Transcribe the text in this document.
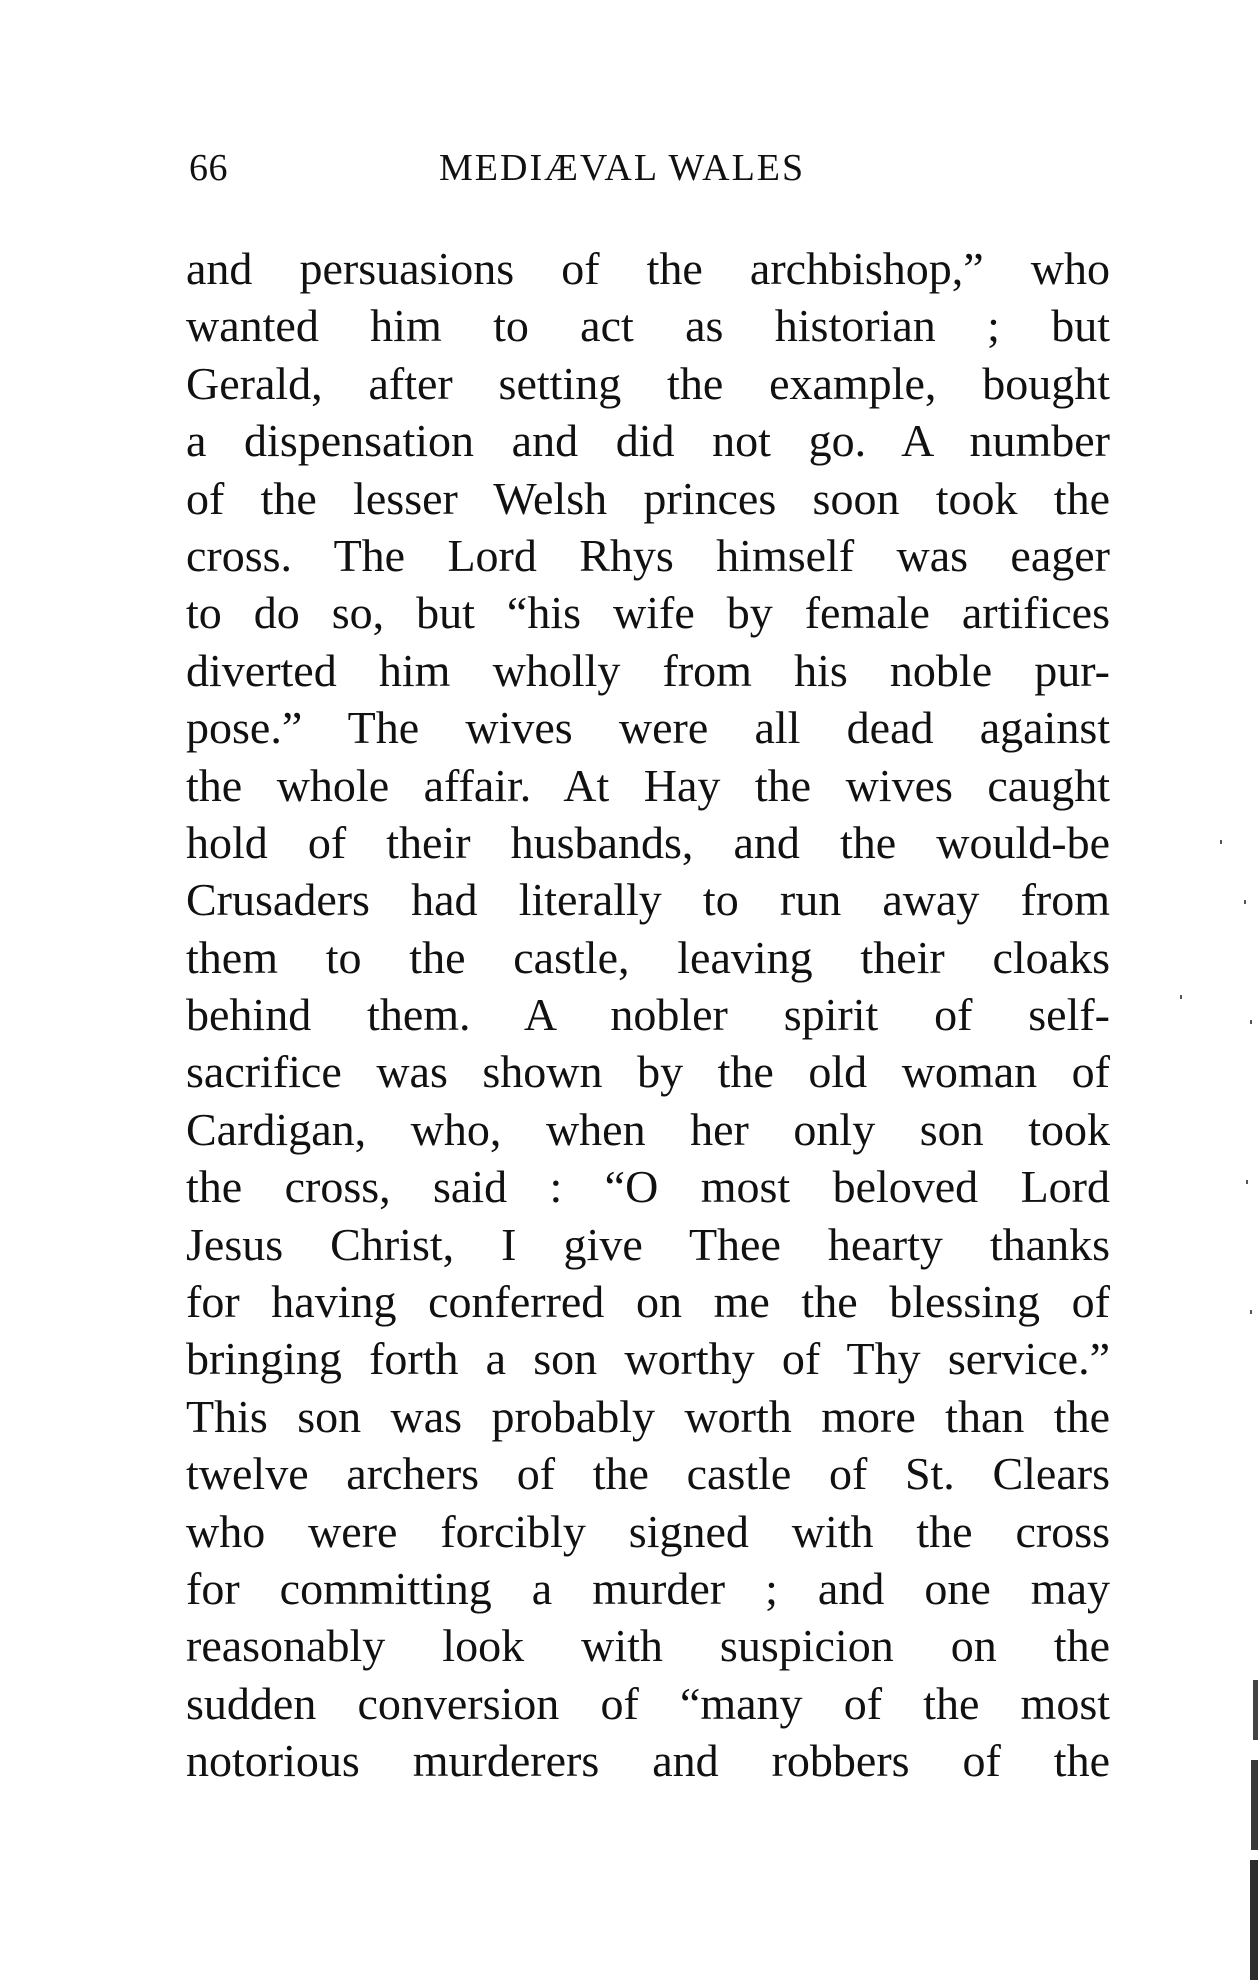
66	MEDIÆVAL WALES
and persuasions of the archbishop,” who
wanted him to act as historian ; but
Gerald, after setting the example, bought
a dispensation and did not go. A number
of the lesser Welsh princes soon took the
cross. The Lord Rhys himself was eager
to do so, but “his wife by female artifices
diverted him wholly from his noble pur-
pose.” The wives were all dead against
the whole affair. At Hay the wives caught
hold of their husbands, and the would-be
Crusaders had literally to run away from
them to the castle, leaving their cloaks
behind them. A nobler spirit of self-
sacrifice was shown by the old woman of
Cardigan, who, when her only son took
the cross, said : “O most beloved Lord
Jesus Christ, I give Thee hearty thanks
for having conferred on me the blessing of
bringing forth a son worthy of Thy service.”
This son was probably worth more than the
twelve archers of the castle of St. Clears
who were forcibly signed with the cross
for committing a murder ; and one may
reasonably look with suspicion on the
sudden conversion of “many of the most
notorious murderers and robbers of the
